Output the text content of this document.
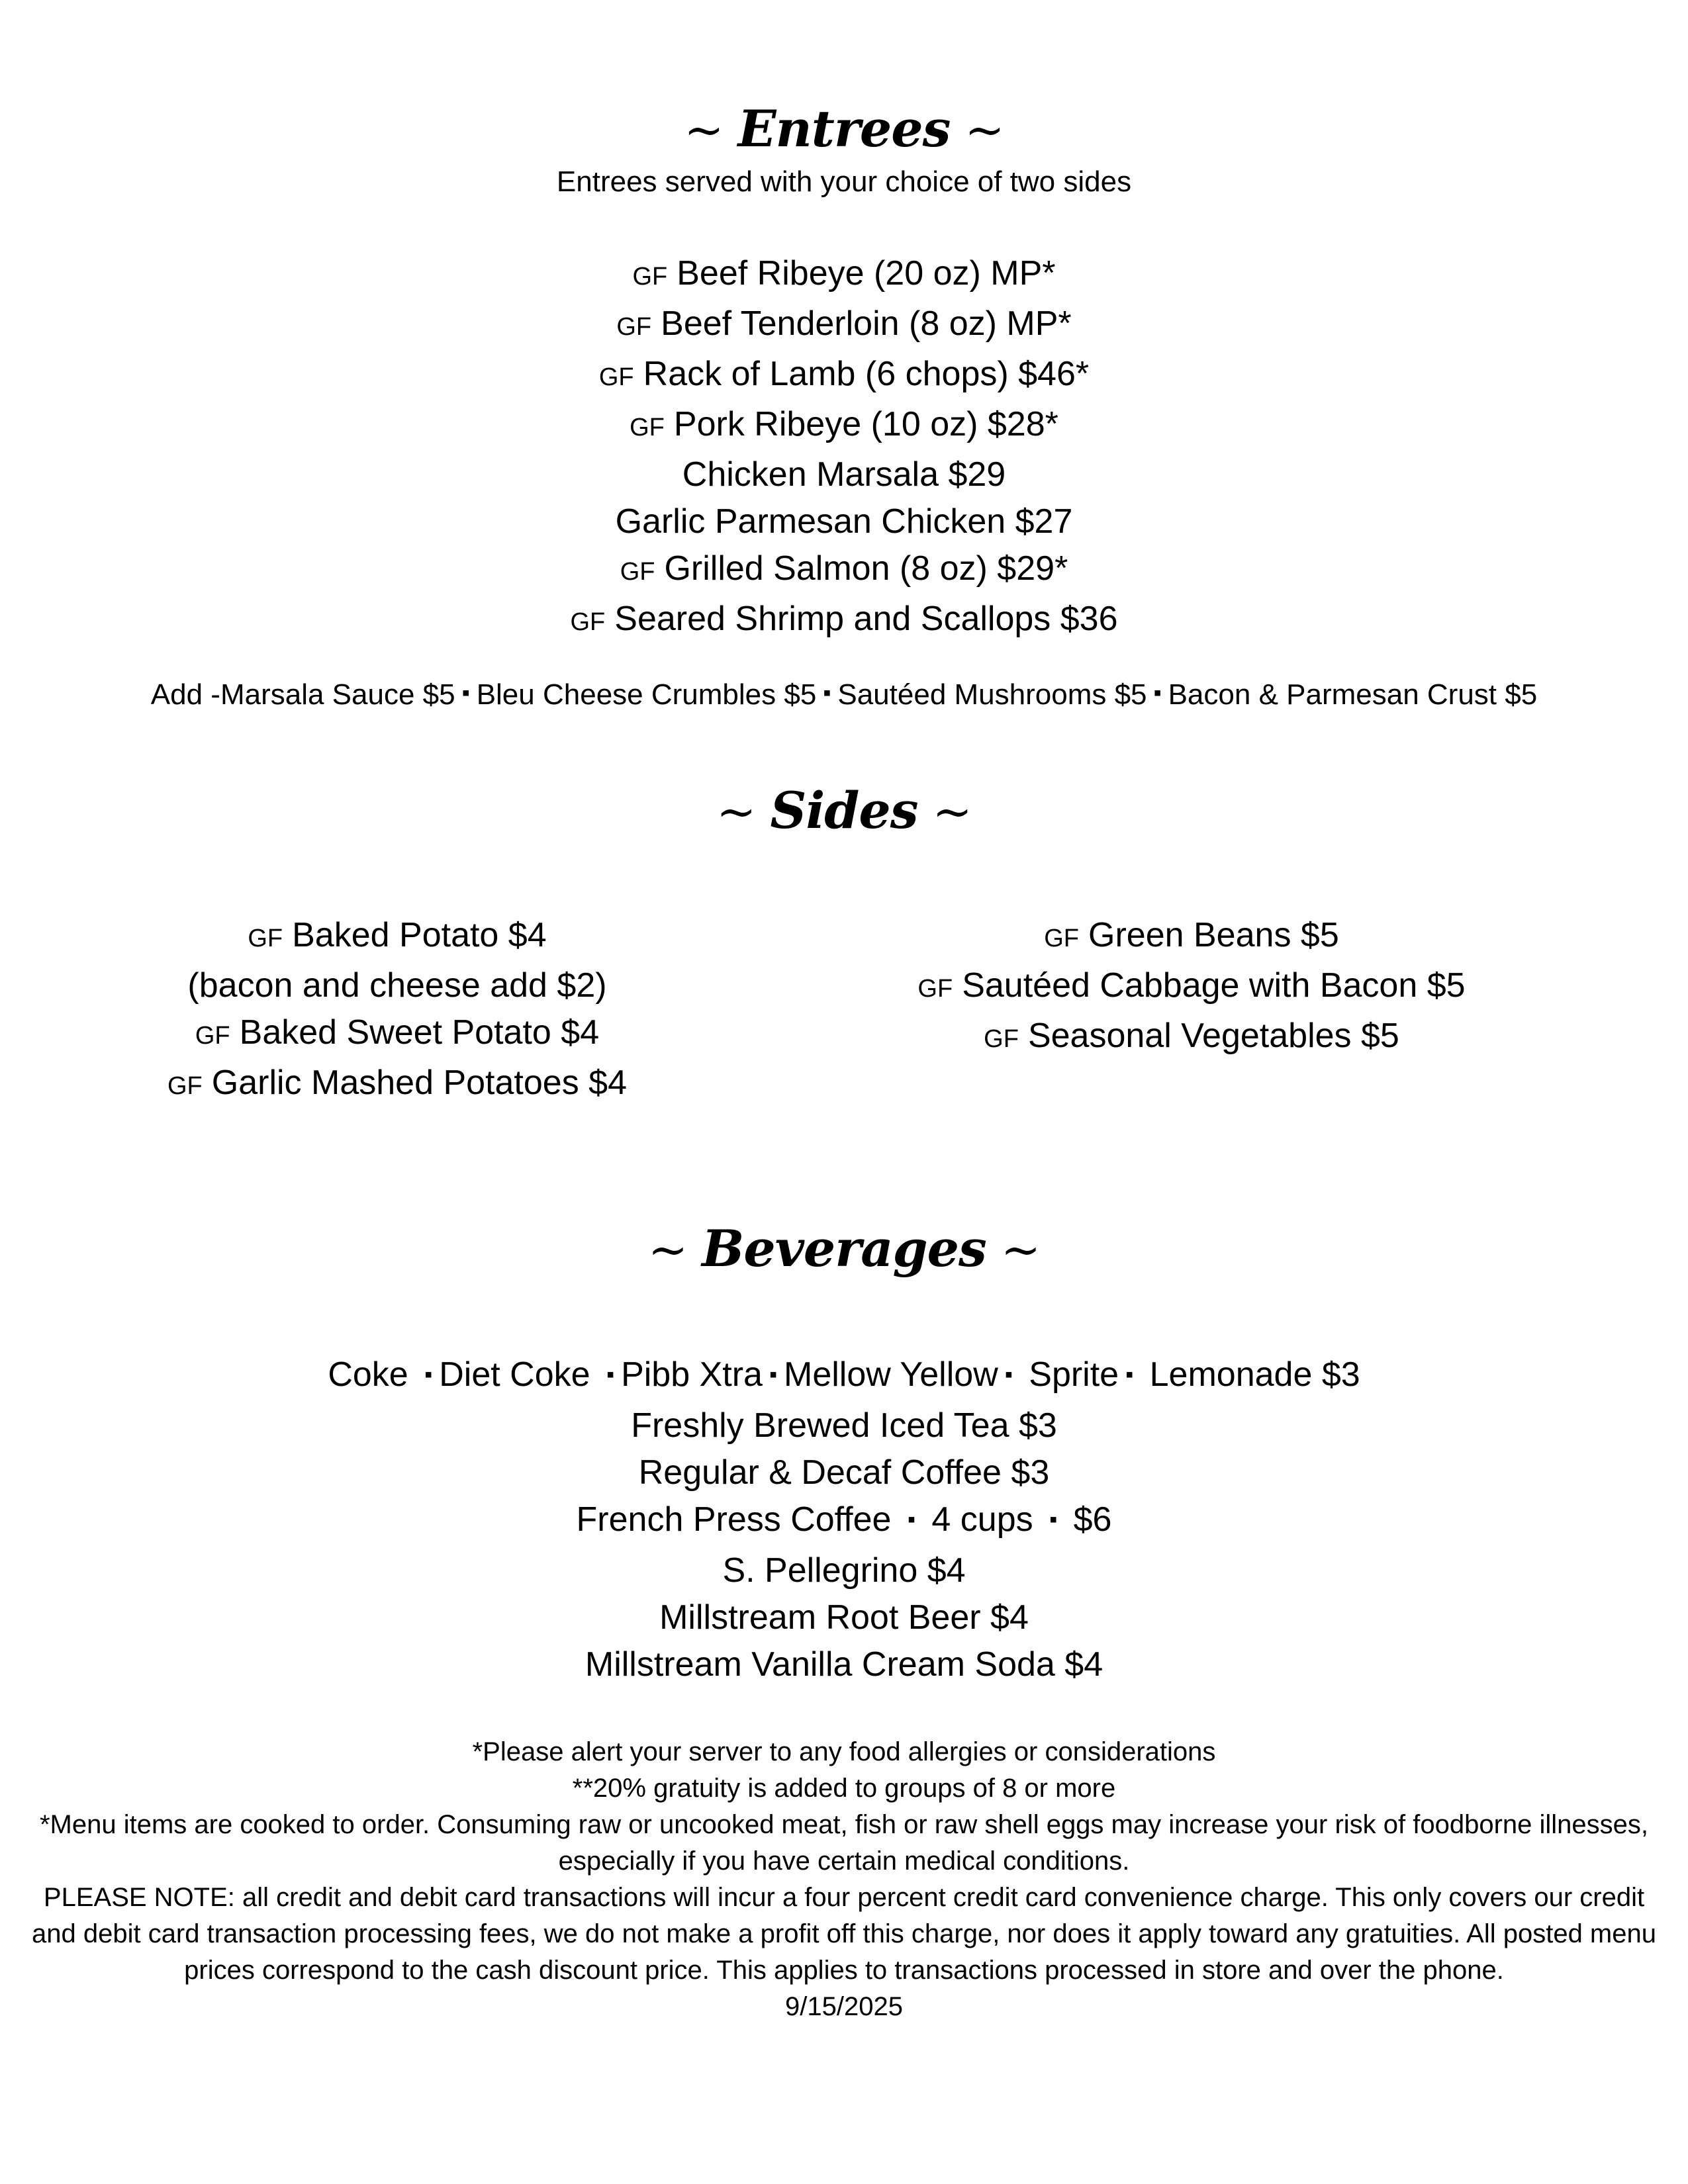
~ Entrees ~
Entrees served with your choice of two sides
GF Beef Ribeye (20 oz) MP*
GF Beef Tenderloin (8 oz) MP*
GF Rack of Lamb (6 chops) $46*
GF Pork Ribeye (10 oz) $28*
Chicken Marsala $29
Garlic Parmesan Chicken $27
GF Grilled Salmon (8 oz) $29*
GF Seared Shrimp and Scallops $36
Add -Marsala Sauce $5 ▪ Bleu Cheese Crumbles $5 ▪ Sautéed Mushrooms $5 ▪ Bacon & Parmesan Crust $5
~ Sides ~
GF Baked Potato $4
(bacon and cheese add $2)
GF Baked Sweet Potato $4
GF Garlic Mashed Potatoes $4
GF Green Beans $5
GF Sautéed Cabbage with Bacon $5
GF Seasonal Vegetables $5
~ Beverages ~
Coke ▪ Diet Coke ▪ Pibb Xtra ▪ Mellow Yellow ▪ Sprite ▪ Lemonade $3
Freshly Brewed Iced Tea $3
Regular & Decaf Coffee $3
French Press Coffee ▪ 4 cups ▪ $6
S. Pellegrino $4
Millstream Root Beer $4
Millstream Vanilla Cream Soda $4
*Please alert your server to any food allergies or considerations
**20% gratuity is added to groups of 8 or more
*Menu items are cooked to order. Consuming raw or uncooked meat, fish or raw shell eggs may increase your risk of foodborne illnesses, especially if you have certain medical conditions.
PLEASE NOTE: all credit and debit card transactions will incur a four percent credit card convenience charge. This only covers our credit and debit card transaction processing fees, we do not make a profit off this charge, nor does it apply toward any gratuities. All posted menu prices correspond to the cash discount price. This applies to transactions processed in store and over the phone.
9/15/2025
